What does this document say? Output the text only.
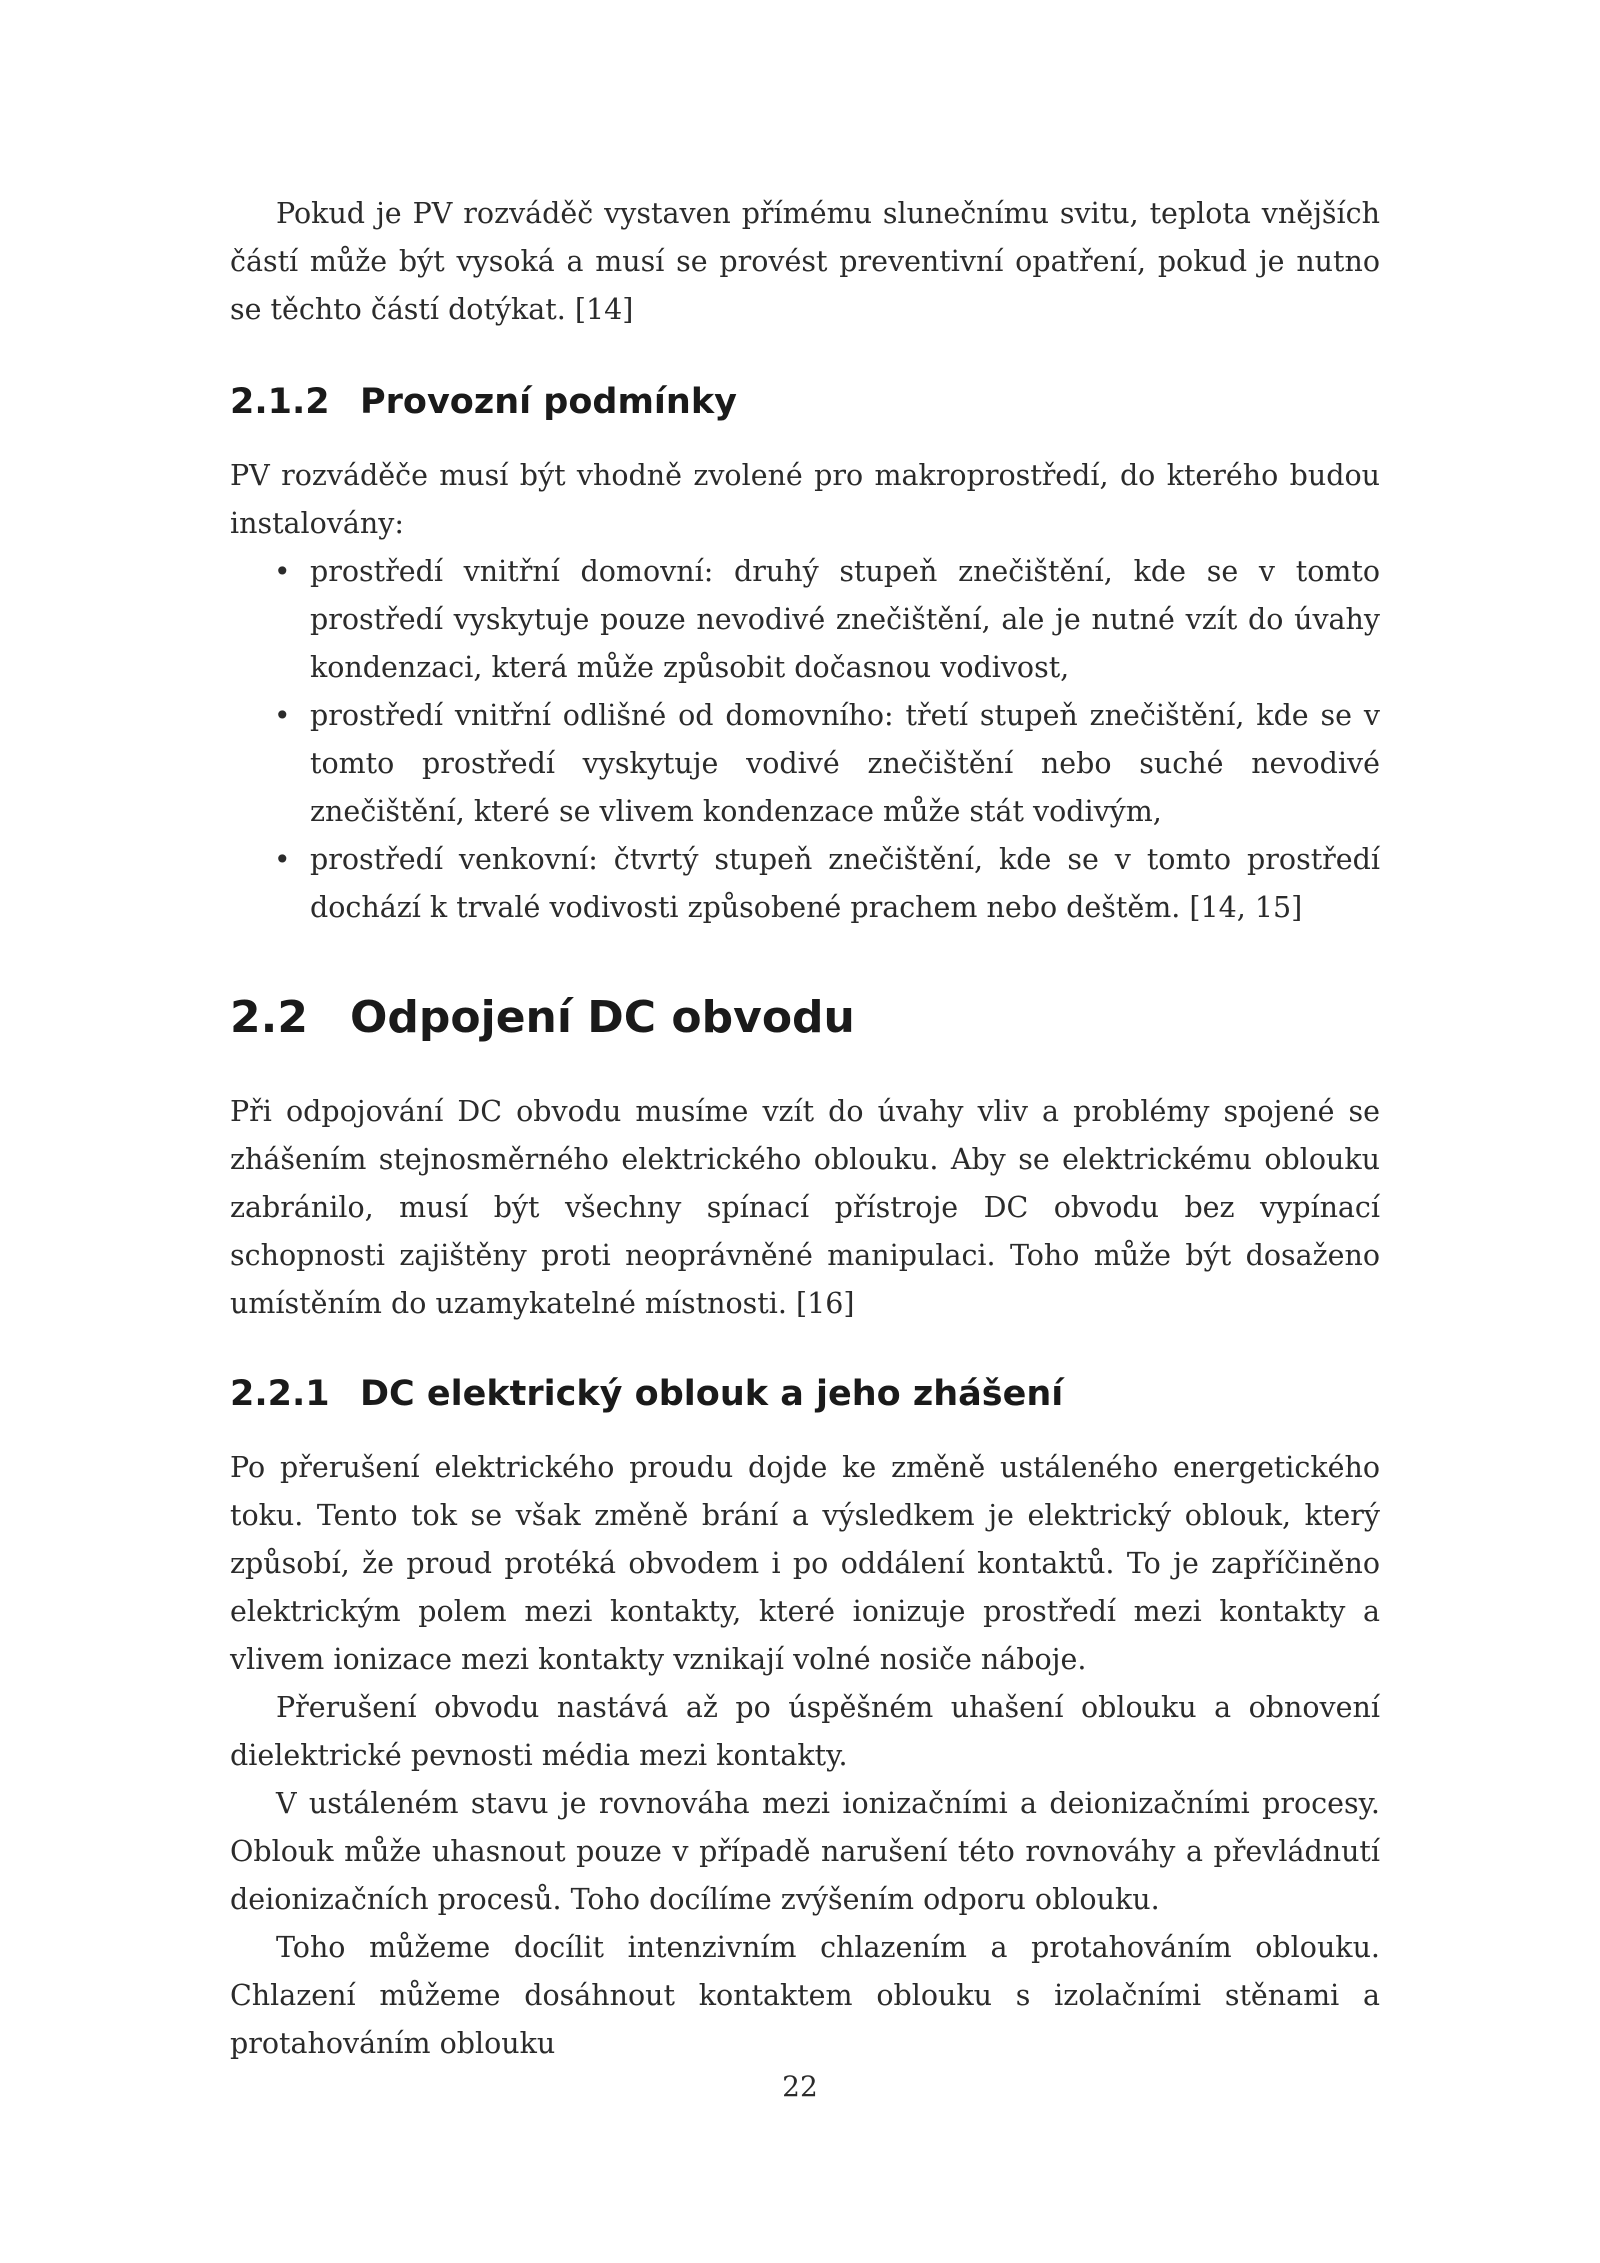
Pokud je PV rozváděč vystaven přímému slunečnímu svitu, teplota vnějších částí může být vysoká a musí se provést preventivní opatření, pokud je nutno se těchto částí dotýkat. [14]

2.1.2 Provozní podmínky

PV rozváděče musí být vhodně zvolené pro makroprostředí, do kterého budou instalovány:

• prostředí vnitřní domovní: druhý stupeň znečištění, kde se v tomto prostředí vyskytuje pouze nevodivé znečištění, ale je nutné vzít do úvahy kondenzaci, která může způsobit dočasnou vodivost,
• prostředí vnitřní odlišné od domovního: třetí stupeň znečištění, kde se v tomto prostředí vyskytuje vodivé znečištění nebo suché nevodivé znečištění, které se vlivem kondenzace může stát vodivým,
• prostředí venkovní: čtvrtý stupeň znečištění, kde se v tomto prostředí dochází k trvalé vodivosti způsobené prachem nebo deštěm. [14, 15]
2.2 Odpojení DC obvodu

Při odpojování DC obvodu musíme vzít do úvahy vliv a problémy spojené se zhášením stejnosměrného elektrického oblouku. Aby se elektrickému oblouku zabránilo, musí být všechny spínací přístroje DC obvodu bez vypínací schopnosti zajištěny proti neoprávněné manipulaci. Toho může být dosaženo umístěním do uzamykatelné místnosti. [16]

2.2.1 DC elektrický oblouk a jeho zhášení

Po přerušení elektrického proudu dojde ke změně ustáleného energetického toku. Tento tok se však změně brání a výsledkem je elektrický oblouk, který způsobí, že proud protéká obvodem i po oddálení kontaktů. To je zapříčiněno elektrickým polem mezi kontakty, které ionizuje prostředí mezi kontakty a vlivem ionizace mezi kontakty vznikají volné nosiče náboje.

Přerušení obvodu nastává až po úspěšném uhašení oblouku a obnovení dielektrické pevnosti média mezi kontakty.

V ustáleném stavu je rovnováha mezi ionizačními a deionizačními procesy. Oblouk může uhasnout pouze v případě narušení této rovnováhy a převládnutí deionizačních procesů. Toho docílíme zvýšením odporu oblouku.

Toho můžeme docílit intenzivním chlazením a protahováním oblouku. Chlazení můžeme dosáhnout kontaktem oblouku s izolačními stěnami a protahováním oblouku

22
